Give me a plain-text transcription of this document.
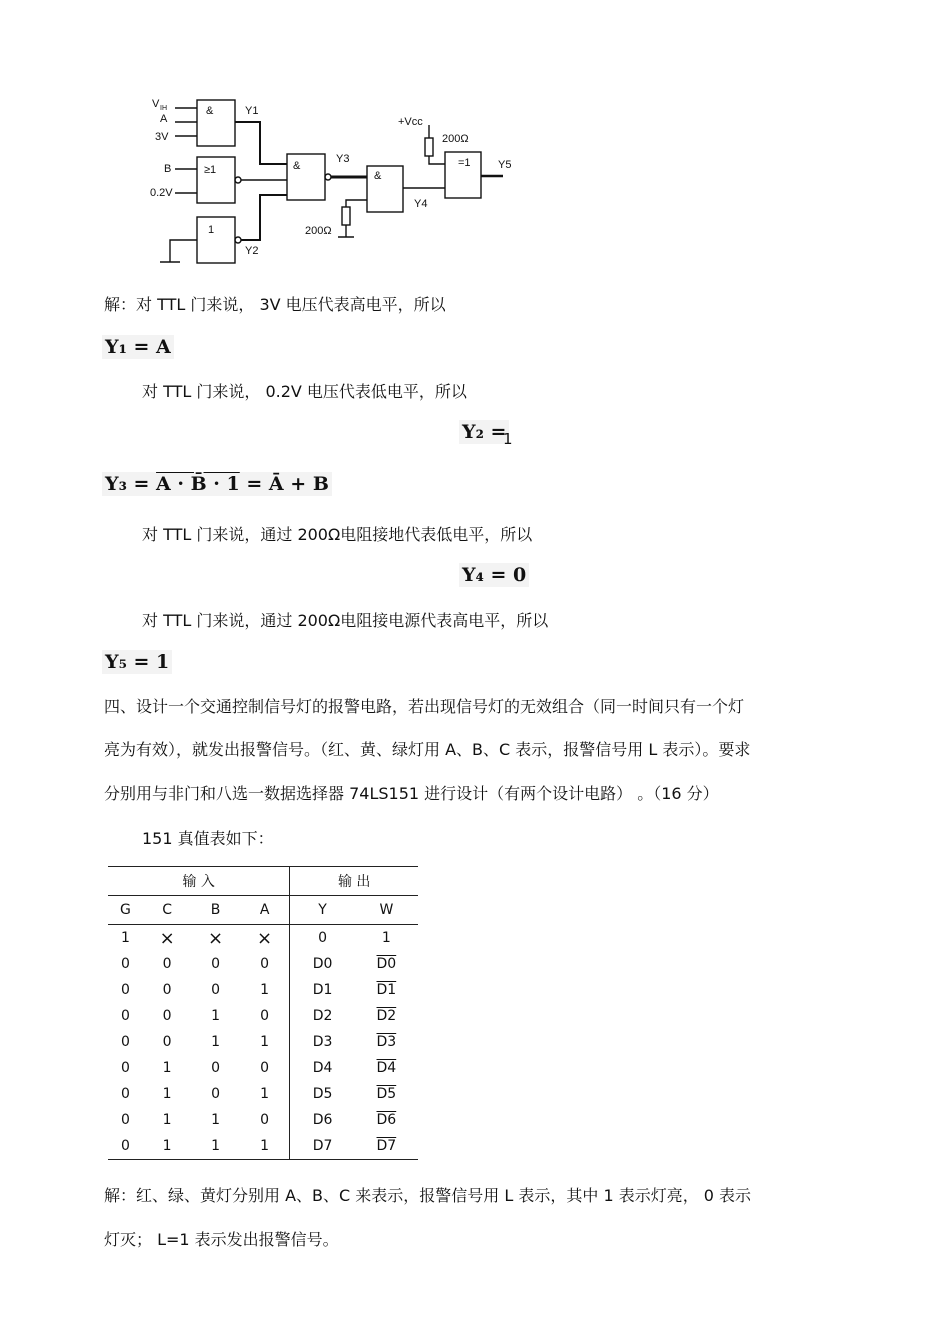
V IH
A
3V
B
0.2V
Y1
Y2
Y3
Y4
Y5
+Vcc
200Ω
200Ω
&
≥1
1
&
&
=1
解：对 TTL 门来说， 3V 电压代表高电平，所以
Y₁ = A
对 TTL 门来说， 0.2V 电压代表低电平，所以
Y₂ =
1
Y₃ = A · B̄ · 1 = Ā + B
对 TTL 门来说，通过 200Ω电阻接地代表低电平，所以
Y₄ = 0
对 TTL 门来说，通过 200Ω电阻接电源代表高电平，所以
Y₅ = 1
四、设计一个交通控制信号灯的报警电路，若出现信号灯的无效组合（同一时间只有一个灯
亮为有效），就发出报警信号。（红、黄、绿灯用 A、B、C 表示，报警信号用 L 表示）。要求
分别用与非门和八选一数据选择器 74LS151 进行设计（有两个设计电路） 。（16 分）
151 真值表如下：
输 入				输 出	
G	C	B	A	Y	W
1	×	×	×	0	1
0	0	0	0	D0	D0
0	0	0	1	D1	D1
0	0	1	0	D2	D2
0	0	1	1	D3	D3
0	1	0	0	D4	D4
0	1	0	1	D5	D5
0	1	1	0	D6	D6
0	1	1	1	D7	D7
解：红、绿、黄灯分别用 A、B、C 来表示，报警信号用 L 表示，其中 1 表示灯亮， 0 表示
灯灭； L=1 表示发出报警信号。
